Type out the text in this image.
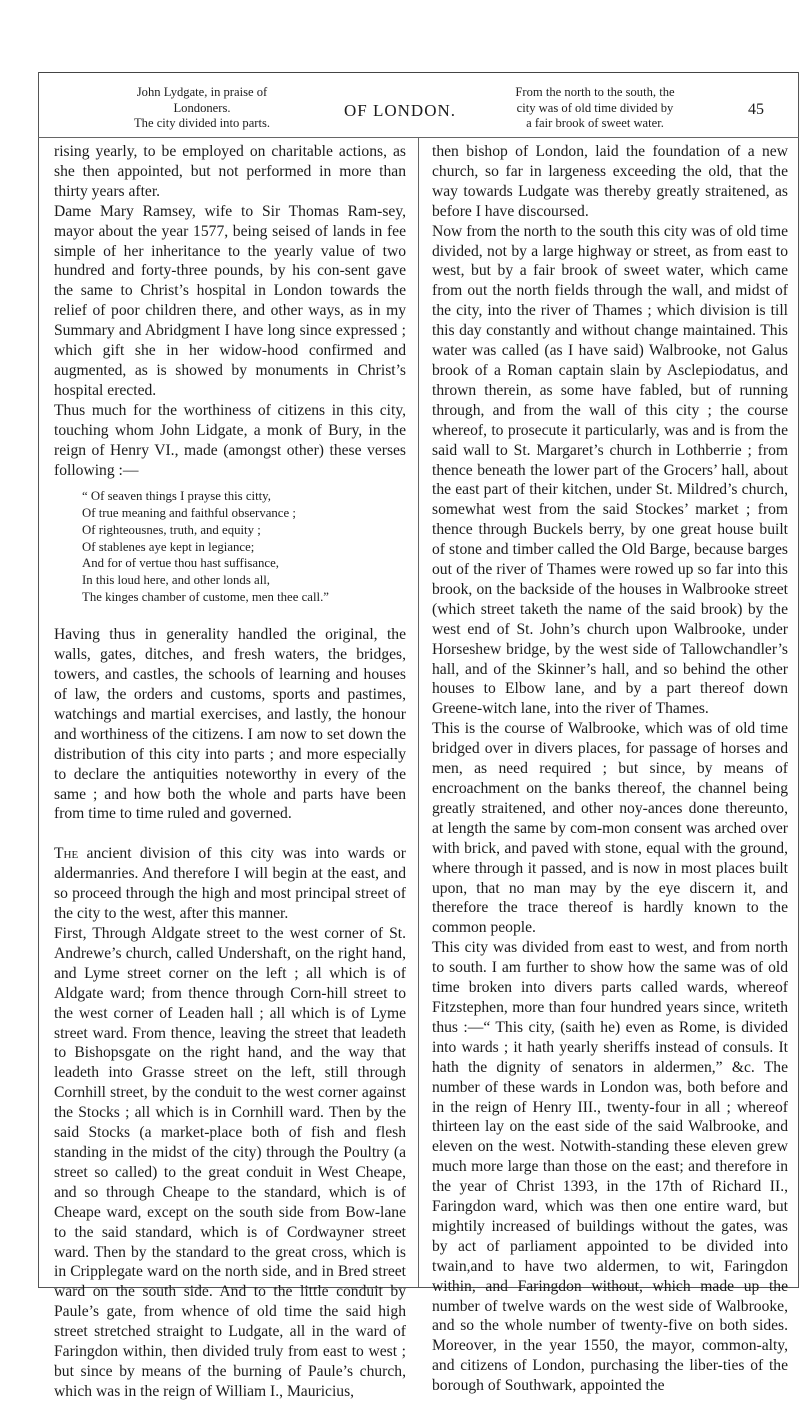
John Lydgate, in praise of
Londoners.
The city divided into parts.
OF LONDON.
From the north to the south, the
city was of old time divided by
a fair brook of sweet water.
45

rising yearly, to be employed on charitable actions, as she then appointed, but not performed in more than thirty years after.

Dame Mary Ramsey, wife to Sir Thomas Ram-sey, mayor about the year 1577, being seised of lands in fee simple of her inheritance to the yearly value of two hundred and forty-three pounds, by his con-sent gave the same to Christ’s hospital in London towards the relief of poor children there, and other ways, as in my Summary and Abridgment I have long since expressed ; which gift she in her widow-hood confirmed and augmented, as is showed by monuments in Christ’s hospital erected.

Thus much for the worthiness of citizens in this city, touching whom John Lidgate, a monk of Bury, in the reign of Henry VI., made (amongst other) these verses following :—

“ Of seaven things I prayse this citty,
Of true meaning and faithful observance ;
Of righteousnes, truth, and equity ;
Of stablenes aye kept in legiance;
And for of vertue thou hast suffisance,
In this loud here, and other londs all,
The kinges chamber of custome, men thee call.”

Having thus in generality handled the original, the walls, gates, ditches, and fresh waters, the bridges, towers, and castles, the schools of learning and houses of law, the orders and customs, sports and pastimes, watchings and martial exercises, and lastly, the honour and worthiness of the citizens. I am now to set down the distribution of this city into parts ; and more especially to declare the antiquities noteworthy in every of the same ; and how both the whole and parts have been from time to time ruled and governed.

The ancient division of this city was into wards or aldermanries. And therefore I will begin at the east, and so proceed through the high and most principal street of the city to the west, after this manner.

First, Through Aldgate street to the west corner of St. Andrewe’s church, called Undershaft, on the right hand, and Lyme street corner on the left ; all which is of Aldgate ward; from thence through Corn-hill street to the west corner of Leaden hall ; all which is of Lyme street ward. From thence, leaving the street that leadeth to Bishopsgate on the right hand, and the way that leadeth into Grasse street on the left, still through Cornhill street, by the conduit to the west corner against the Stocks ; all which is in Cornhill ward. Then by the said Stocks (a market-place both of fish and flesh standing in the midst of the city) through the Poultry (a street so called) to the great conduit in West Cheape, and so through Cheape to the standard, which is of Cheape ward, except on the south side from Bow-lane to the said standard, which is of Cordwayner street ward. Then by the standard to the great cross, which is in Cripplegate ward on the north side, and in Bred street ward on the south side. And to the little conduit by Paule’s gate, from whence of old time the said high street stretched straight to Ludgate, all in the ward of Faringdon within, then divided truly from east to west ; but since by means of the burning of Paule’s church, which was in the reign of William I., Mauricius,

then bishop of London, laid the foundation of a new church, so far in largeness exceeding the old, that the way towards Ludgate was thereby greatly straitened, as before I have discoursed.

Now from the north to the south this city was of old time divided, not by a large highway or street, as from east to west, but by a fair brook of sweet water, which came from out the north fields through the wall, and midst of the city, into the river of Thames ; which division is till this day constantly and without change maintained. This water was called (as I have said) Walbrooke, not Galus brook of a Roman captain slain by Asclepiodatus, and thrown therein, as some have fabled, but of running through, and from the wall of this city ; the course whereof, to prosecute it particularly, was and is from the said wall to St. Margaret’s church in Lothberrie ; from thence beneath the lower part of the Grocers’ hall, about the east part of their kitchen, under St. Mildred’s church, somewhat west from the said Stockes’ market ; from thence through Buckels berry, by one great house built of stone and timber called the Old Barge, because barges out of the river of Thames were rowed up so far into this brook, on the backside of the houses in Walbrooke street (which street taketh the name of the said brook) by the west end of St. John’s church upon Walbrooke, under Horseshew bridge, by the west side of Tallowchandler’s hall, and of the Skinner’s hall, and so behind the other houses to Elbow lane, and by a part thereof down Greene-witch lane, into the river of Thames.

This is the course of Walbrooke, which was of old time bridged over in divers places, for passage of horses and men, as need required ; but since, by means of encroachment on the banks thereof, the channel being greatly straitened, and other noy-ances done thereunto, at length the same by com-mon consent was arched over with brick, and paved with stone, equal with the ground, where through it passed, and is now in most places built upon, that no man may by the eye discern it, and therefore the trace thereof is hardly known to the common people.

This city was divided from east to west, and from north to south. I am further to show how the same was of old time broken into divers parts called wards, whereof Fitzstephen, more than four hundred years since, writeth thus :—“ This city, (saith he) even as Rome, is divided into wards ; it hath yearly sheriffs instead of consuls. It hath the dignity of senators in aldermen,” &c. The number of these wards in London was, both before and in the reign of Henry III., twenty-four in all ; whereof thirteen lay on the east side of the said Walbrooke, and eleven on the west. Notwith-standing these eleven grew much more large than those on the east; and therefore in the year of Christ 1393, in the 17th of Richard II., Faringdon ward, which was then one entire ward, but mightily increased of buildings without the gates, was by act of parliament appointed to be divided into twain,and to have two aldermen, to wit, Faringdon within, and Faringdon without, which made up the number of twelve wards on the west side of Walbrooke, and so the whole number of twenty-five on both sides. Moreover, in the year 1550, the mayor, common-alty, and citizens of London, purchasing the liber-ties of the borough of Southwark, appointed the
